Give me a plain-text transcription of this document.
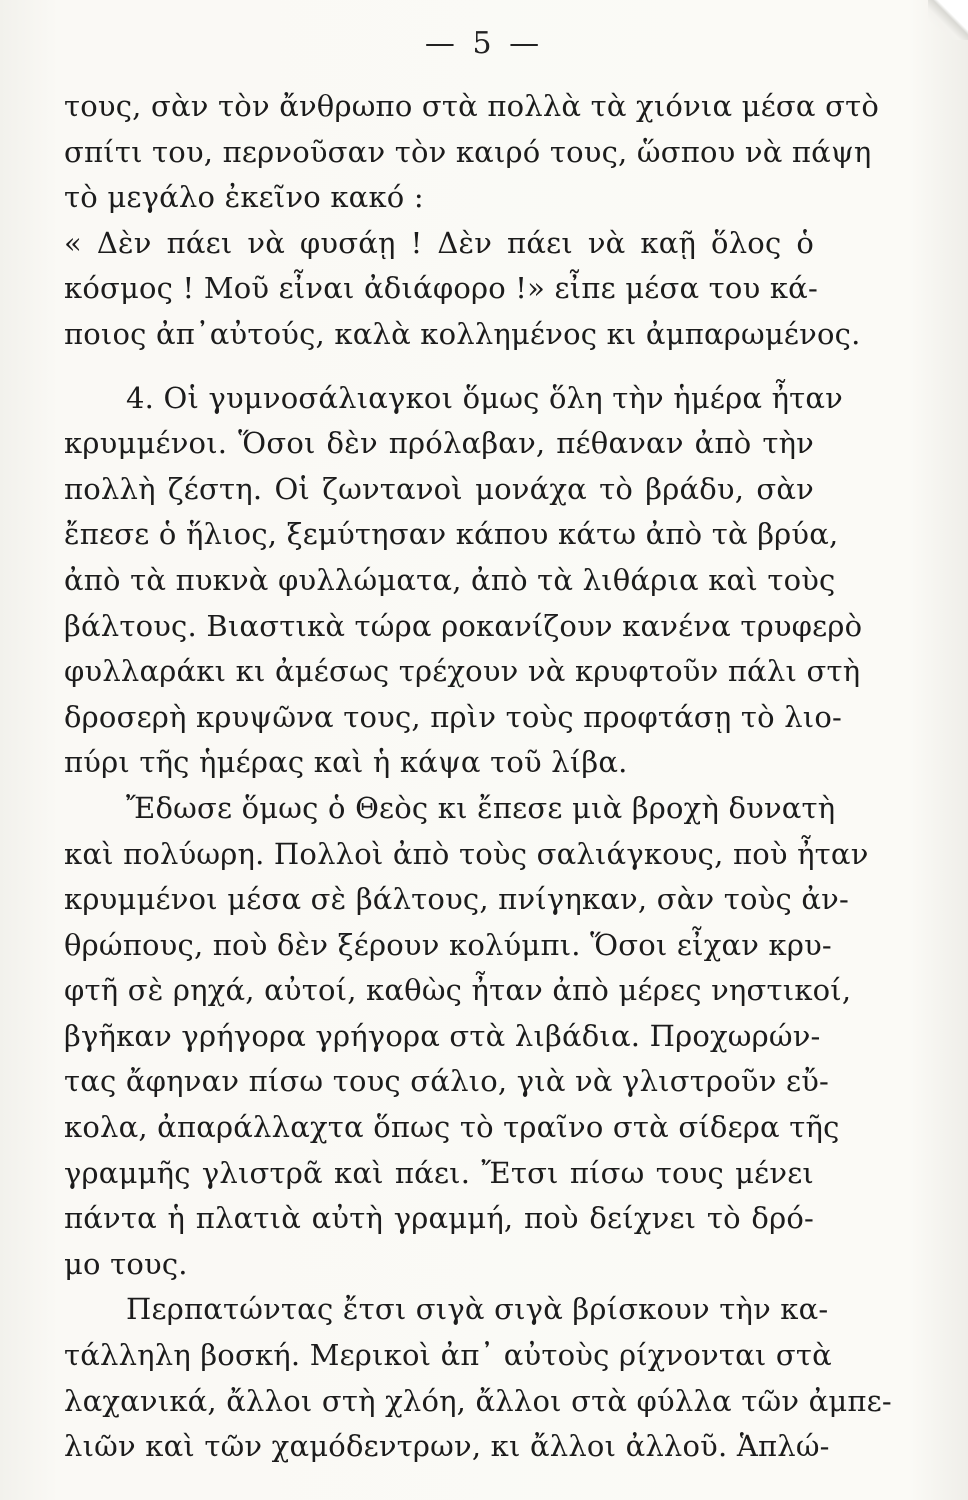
— 5 —
τους, σὰν τὸν ἄνθρωπο στὰ πολλὰ τὰ χιόνια μέσα στὸ
σπίτι του, περνοῦσαν τὸν καιρό τους, ὥσπου νὰ πάψη
τὸ μεγάλο ἐκεῖνο κακό :
« Δὲν πάει νὰ φυσάῃ ! Δὲν πάει νὰ καῇ ὅλος ὁ
κόσμος ! Μοῦ εἶναι ἀδιάφορο !» εἶπε μέσα του κά-
ποιος ἀπ᾽αὐτούς, καλὰ κολλημένος κι ἀμπαρωμένος.
4. Οἱ γυμνοσάλιαγκοι ὅμως ὅλη τὴν ἡμέρα ἦταν
κρυμμένοι. Ὅσοι δὲν πρόλαβαν, πέθαναν ἀπὸ τὴν
πολλὴ ζέστη. Οἱ ζωντανοὶ μονάχα τὸ βράδυ, σὰν
ἔπεσε ὁ ἥλιος, ξεμύτησαν κάπου κάτω ἀπὸ τὰ βρύα,
ἀπὸ τὰ πυκνὰ φυλλώματα, ἀπὸ τὰ λιθάρια καὶ τοὺς
βάλτους. Βιαστικὰ τώρα ροκανίζουν κανένα τρυφερὸ
φυλλαράκι κι ἀμέσως τρέχουν νὰ κρυφτοῦν πάλι στὴ
δροσερὴ κρυψῶνα τους, πρὶν τοὺς προφτάσῃ τὸ λιο-
πύρι τῆς ἡμέρας καὶ ἡ κάψα τοῦ λίβα.
Ἔδωσε ὅμως ὁ Θεὸς κι ἔπεσε μιὰ βροχὴ δυνατὴ
καὶ πολύωρη. Πολλοὶ ἀπὸ τοὺς σαλιάγκους, ποὺ ἦταν
κρυμμένοι μέσα σὲ βάλτους, πνίγηκαν, σὰν τοὺς ἀν-
θρώπους, ποὺ δὲν ξέρουν κολύμπι. Ὅσοι εἶχαν κρυ-
φτῆ σὲ ρηχά, αὐτοί, καθὼς ἦταν ἀπὸ μέρες νηστικοί,
βγῆκαν γρήγορα γρήγορα στὰ λιβάδια. Προχωρών-
τας ἄφηναν πίσω τους σάλιο, γιὰ νὰ γλιστροῦν εὔ-
κολα, ἀπαράλλαχτα ὅπως τὸ τραῖνο στὰ σίδερα τῆς
γραμμῆς γλιστρᾶ καὶ πάει. Ἔτσι πίσω τους μένει
πάντα ἡ πλατιὰ αὐτὴ γραμμή, ποὺ δείχνει τὸ δρό-
μο τους.
Περπατώντας ἔτσι σιγὰ σιγὰ βρίσκουν τὴν κα-
τάλληλη βοσκή. Μερικοὶ ἀπ᾽ αὐτοὺς ρίχνονται στὰ
λαχανικά, ἄλλοι στὴ χλόη, ἄλλοι στὰ φύλλα τῶν ἀμπε-
λιῶν καὶ τῶν χαμόδεντρων, κι ἄλλοι ἀλλοῦ. Ἁπλώ-
